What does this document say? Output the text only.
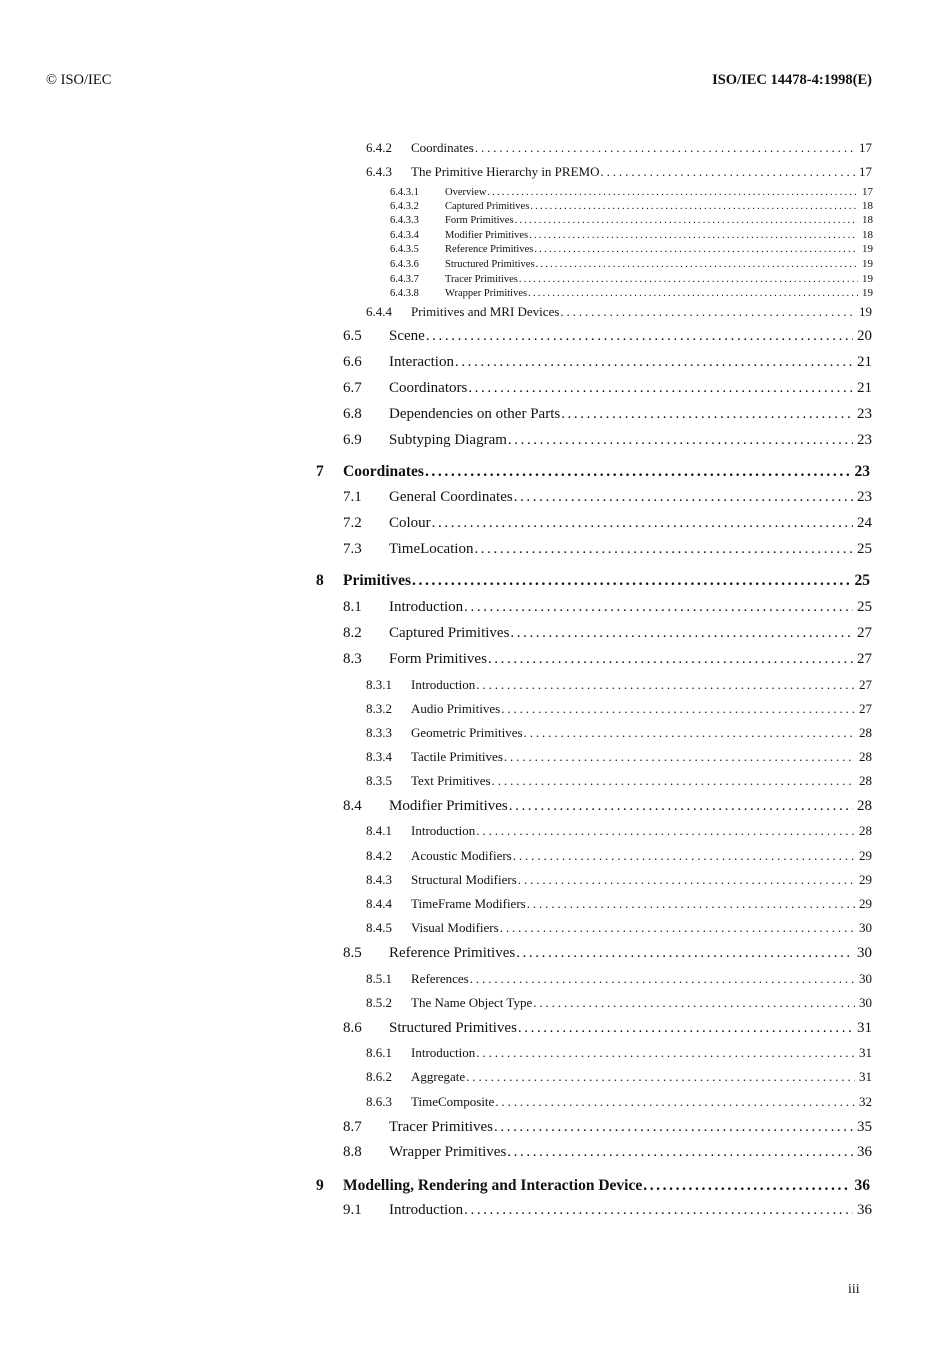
© ISO/IEC	ISO/IEC 14478-4:1998(E)
6.4.2	Coordinates .....	17
6.4.3	The Primitive Hierarchy in PREMO .....	17
6.4.3.1	Overview .....	17
6.4.3.2	Captured Primitives .....	18
6.4.3.3	Form Primitives .....	18
6.4.3.4	Modifier Primitives .....	18
6.4.3.5	Reference Primitives .....	19
6.4.3.6	Structured Primitives .....	19
6.4.3.7	Tracer Primitives .....	19
6.4.3.8	Wrapper Primitives .....	19
6.4.4	Primitives and MRI Devices .....	19
6.5	Scene .....	20
6.6	Interaction .....	21
6.7	Coordinators .....	21
6.8	Dependencies on other Parts .....	23
6.9	Subtyping Diagram .....	23
7	Coordinates .....	23
7.1	General Coordinates .....	23
7.2	Colour .....	24
7.3	TimeLocation .....	25
8	Primitives .....	25
8.1	Introduction .....	25
8.2	Captured Primitives .....	27
8.3	Form Primitives .....	27
8.3.1	Introduction .....	27
8.3.2	Audio Primitives .....	27
8.3.3	Geometric Primitives .....	28
8.3.4	Tactile Primitives .....	28
8.3.5	Text Primitives .....	28
8.4	Modifier Primitives .....	28
8.4.1	Introduction .....	28
8.4.2	Acoustic Modifiers .....	29
8.4.3	Structural Modifiers .....	29
8.4.4	TimeFrame Modifiers .....	29
8.4.5	Visual Modifiers .....	30
8.5	Reference Primitives .....	30
8.5.1	References .....	30
8.5.2	The Name Object Type .....	30
8.6	Structured Primitives .....	31
8.6.1	Introduction .....	31
8.6.2	Aggregate .....	31
8.6.3	TimeComposite .....	32
8.7	Tracer Primitives .....	35
8.8	Wrapper Primitives .....	36
9	Modelling, Rendering and Interaction Device .....	36
9.1	Introduction .....	36
iii
